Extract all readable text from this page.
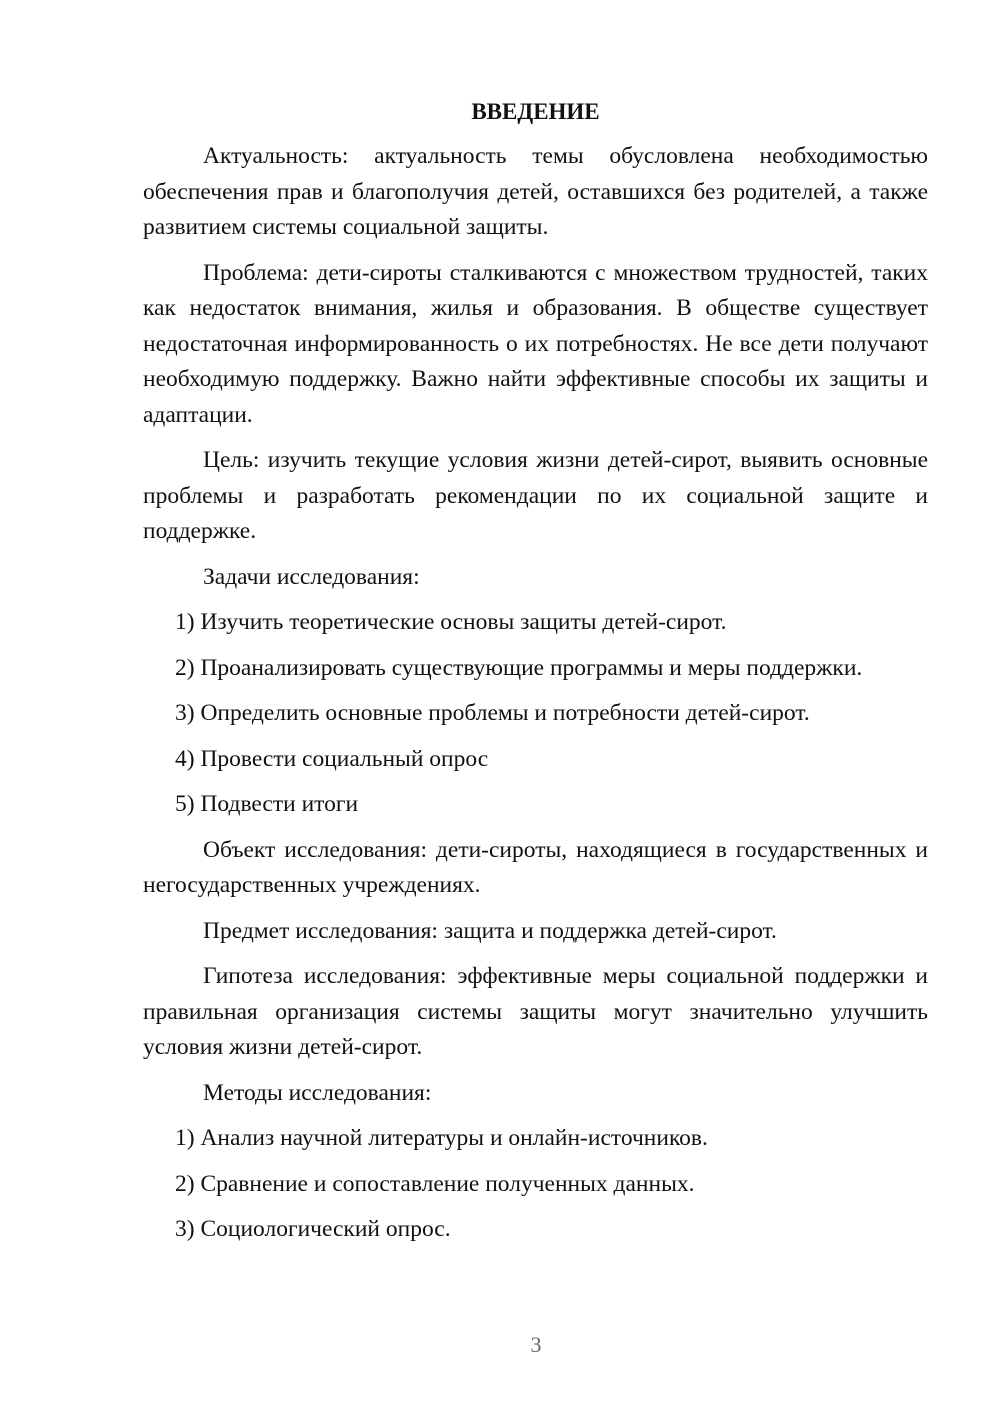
ВВЕДЕНИЕ

Актуальность: актуальность темы обусловлена необходимостью обеспечения прав и благополучия детей, оставшихся без родителей, а также развитием системы социальной защиты.

Проблема: дети-сироты сталкиваются с множеством трудностей, таких как недостаток внимания, жилья и образования. В обществе существует недостаточная информированность о их потребностях. Не все дети получают необходимую поддержку. Важно найти эффективные способы их защиты и адаптации.

Цель: изучить текущие условия жизни детей-сирот, выявить основные проблемы и разработать рекомендации по их социальной защите и поддержке.

Задачи исследования:
1) Изучить теоретические основы защиты детей-сирот.
2) Проанализировать существующие программы и меры поддержки.
3) Определить основные проблемы и потребности детей-сирот.
4) Провести социальный опрос
5) Подвести итоги

Объект исследования: дети-сироты, находящиеся в государственных и негосударственных учреждениях.

Предмет исследования: защита и поддержка детей-сирот.

Гипотеза исследования: эффективные меры социальной поддержки и правильная организация системы защиты могут значительно улучшить условия жизни детей-сирот.

Методы исследования:
1) Анализ научной литературы и онлайн-источников.
2) Сравнение и сопоставление полученных данных.
3) Социологический опрос.
3
